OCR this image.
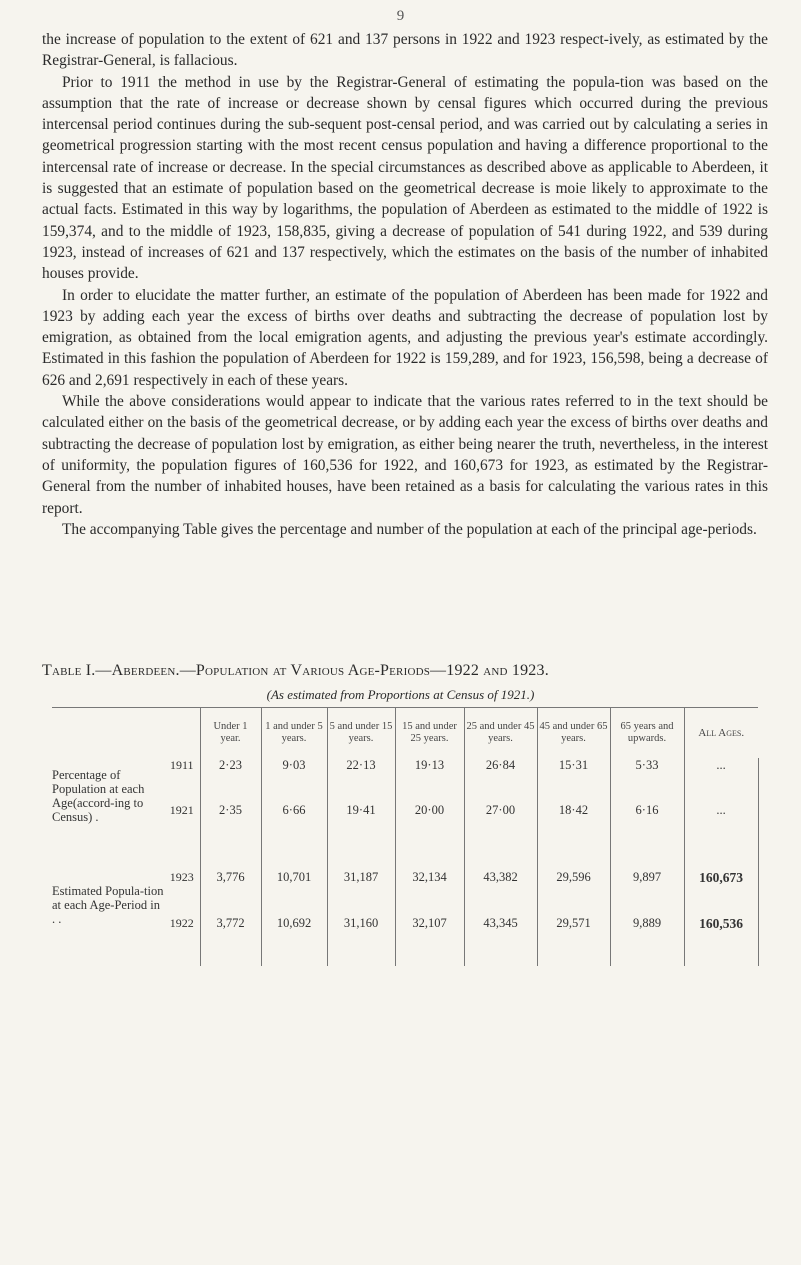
9

the increase of population to the extent of 621 and 137 persons in 1922 and 1923 respect-ively, as estimated by the Registrar-General, is fallacious.

Prior to 1911 the method in use by the Registrar-General of estimating the popula-tion was based on the assumption that the rate of increase or decrease shown by censal figures which occurred during the previous intercensal period continues during the sub-sequent post-censal period, and was carried out by calculating a series in geometrical progression starting with the most recent census population and having a difference proportional to the intercensal rate of increase or decrease. In the special circumstances as described above as applicable to Aberdeen, it is suggested that an estimate of population based on the geometrical decrease is moie likely to approximate to the actual facts. Estimated in this way by logarithms, the population of Aberdeen as estimated to the middle of 1922 is 159,374, and to the middle of 1923, 158,835, giving a decrease of population of 541 during 1922, and 539 during 1923, instead of increases of 621 and 137 respectively, which the estimates on the basis of the number of inhabited houses provide.

In order to elucidate the matter further, an estimate of the population of Aberdeen has been made for 1922 and 1923 by adding each year the excess of births over deaths and subtracting the decrease of population lost by emigration, as obtained from the local emigration agents, and adjusting the previous year's estimate accordingly. Estimated in this fashion the population of Aberdeen for 1922 is 159,289, and for 1923, 156,598, being a decrease of 626 and 2,691 respectively in each of these years.

While the above considerations would appear to indicate that the various rates referred to in the text should be calculated either on the basis of the geometrical decrease, or by adding each year the excess of births over deaths and subtracting the decrease of population lost by emigration, as either being nearer the truth, nevertheless, in the interest of uniformity, the population figures of 160,536 for 1922, and 160,673 for 1923, as estimated by the Registrar-General from the number of inhabited houses, have been retained as a basis for calculating the various rates in this report.

The accompanying Table gives the percentage and number of the population at each of the principal age-periods.

Table I.—Aberdeen.—Population at Various Age-Periods—1922 and 1923.
(As estimated from Proportions at Census of 1921.)
		Under 1 year.	1 and under 5 years.	5 and under 15 years.	15 and under 25 years.	25 and under 45 years.	45 and under 65 years.	65 years and upwards.	All Ages.
Percentage of Population at each Age(accord-ing to Census) .	1911	2·23	9·03	22·13	19·13	26·84	15·31	5·33	...
	1921	2·35	6·66	19·41	20·00	27·00	18·42	6·16	...
Estimated Popula-tion at each Age-Period in . .	1923	3,776	10,701	31,187	32,134	43,382	29,596	9,897	160,673
	1922	3,772	10,692	31,160	32,107	43,345	29,571	9,889	160,536
